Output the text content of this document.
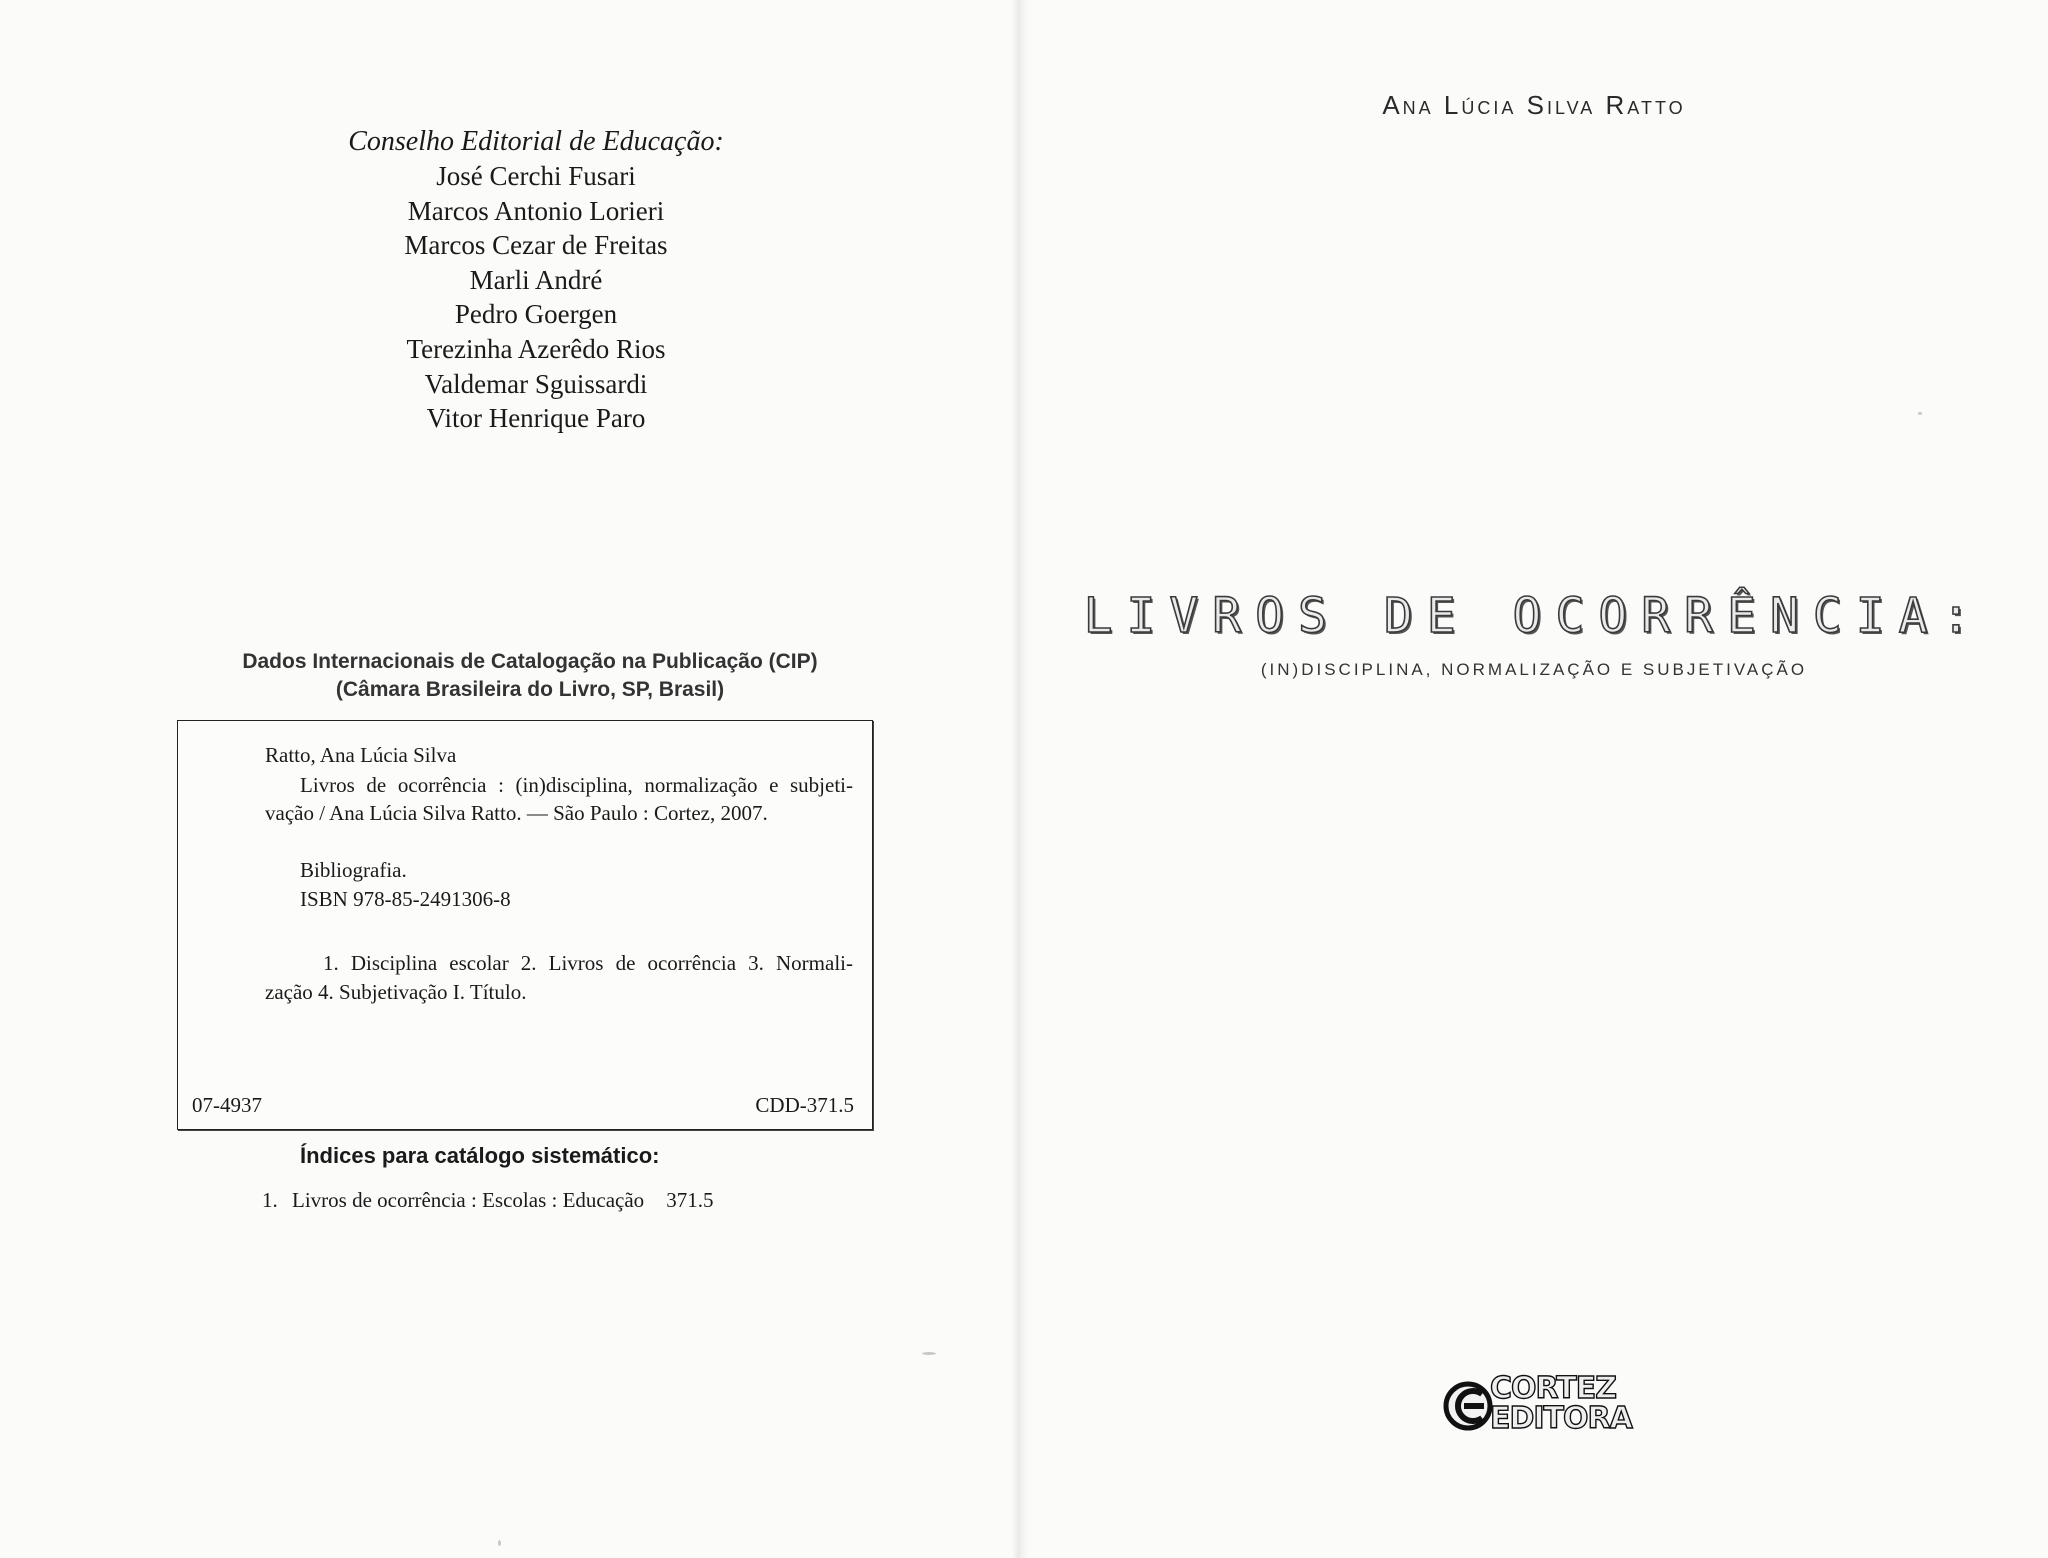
Conselho Editorial de Educação:
José Cerchi Fusari
Marcos Antonio Lorieri
Marcos Cezar de Freitas
Marli André
Pedro Goergen
Terezinha Azerêdo Rios
Valdemar Sguissardi
Vitor Henrique Paro
Dados Internacionais de Catalogação na Publicação (CIP)
(Câmara Brasileira do Livro, SP, Brasil)
Ratto, Ana Lúcia Silva
Livros de ocorrência : (in)disciplina, normalização e subjeti-
vação / Ana Lúcia Silva Ratto. — São Paulo : Cortez, 2007.
Bibliografia.
ISBN 978-85-2491306-8
1. Disciplina escolar 2. Livros de ocorrência 3. Normali-
zação 4. Subjetivação I. Título.
07-4937	CDD-371.5
Índices para catálogo sistemático:
1. Livros de ocorrência : Escolas : Educação 371.5
Ana Lúcia Silva Ratto
LIVROS DE OCORRÊNCIA:
(IN)DISCIPLINA, NORMALIZAÇÃO E SUBJETIVAÇÃO
CORTEZ
EDITORA
